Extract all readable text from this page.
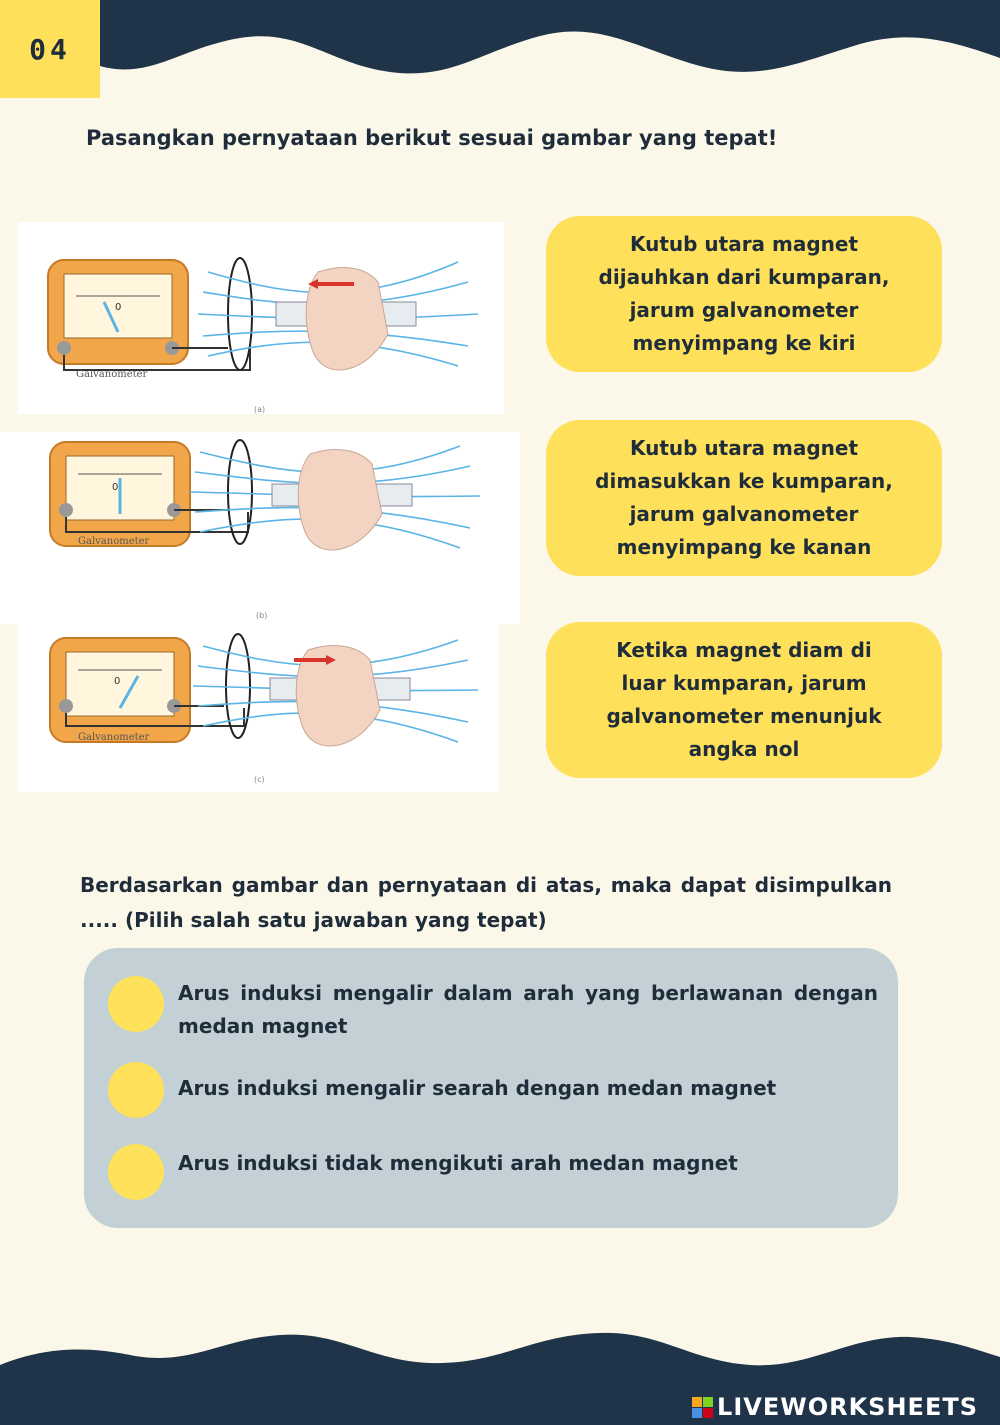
04
Pasangkan pernyataan berikut sesuai gambar yang tepat!
0
Galvanometer
(a)
0
Galvanometer
(b)
0
Galvanometer
(c)
Kutub utara magnet
dijauhkan dari kumparan,
jarum galvanometer
menyimpang ke kiri
Kutub utara magnet
dimasukkan ke kumparan,
jarum galvanometer
menyimpang ke kanan
Ketika magnet diam di
luar kumparan, jarum
galvanometer menunjuk
angka nol

Berdasarkan gambar dan pernyataan di atas, maka dapat disimpulkan ..... (Pilih salah satu jawaban yang tepat)

Arus induksi mengalir dalam arah yang berlawanan dengan medan magnet
Arus induksi mengalir searah dengan medan magnet
Arus induksi tidak mengikuti arah medan magnet
LIVEWORKSHEETS
